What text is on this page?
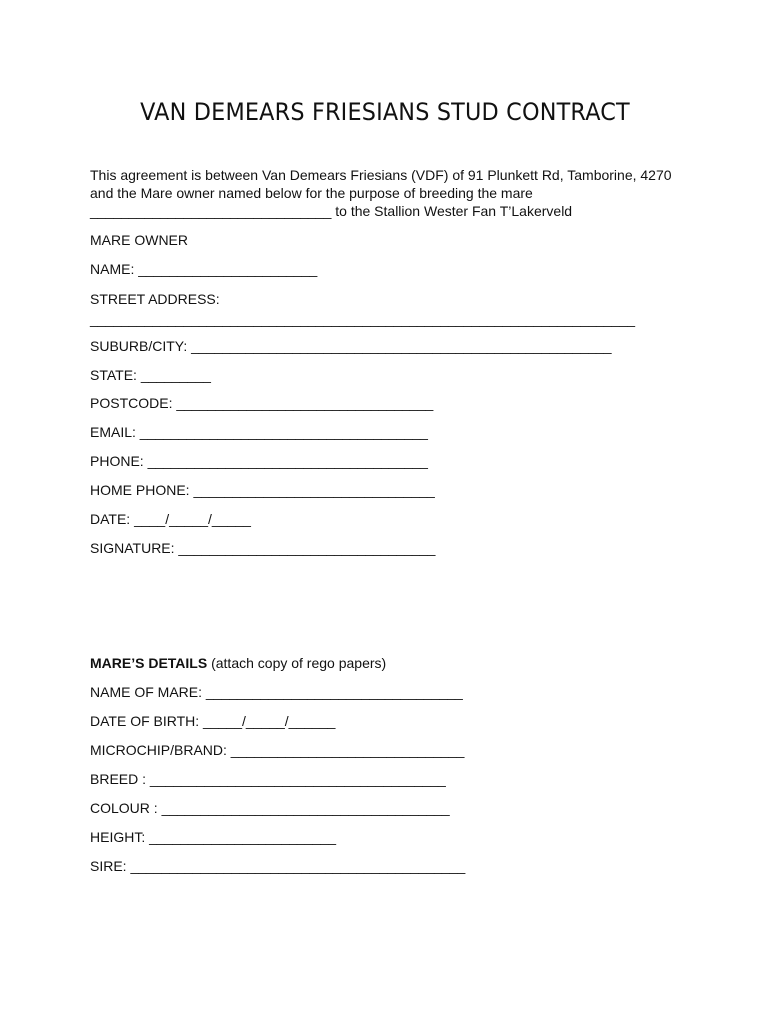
VAN DEMEARS FRIESIANS STUD CONTRACT
This agreement is between Van Demears Friesians (VDF) of 91 Plunkett Rd, Tamborine, 4270
and the Mare owner named below for the purpose of breeding the mare
_______________________________ to the Stallion Wester Fan T’Lakerveld
MARE OWNER
NAME: _______________________
STREET ADDRESS:
______________________________________________________________________
SUBURB/CITY: ______________________________________________________
STATE: _________
POSTCODE: _________________________________
EMAIL: _____________________________________
PHONE: ____________________________________
HOME PHONE: _______________________________
DATE: ____/_____/_____
SIGNATURE: _________________________________
MARE’S DETAILS (attach copy of rego papers)
NAME OF MARE: _________________________________
DATE OF BIRTH: _____/_____/______
MICROCHIP/BRAND: ______________________________
BREED : ______________________________________
COLOUR : _____________________________________
HEIGHT: ________________________
SIRE: ___________________________________________
